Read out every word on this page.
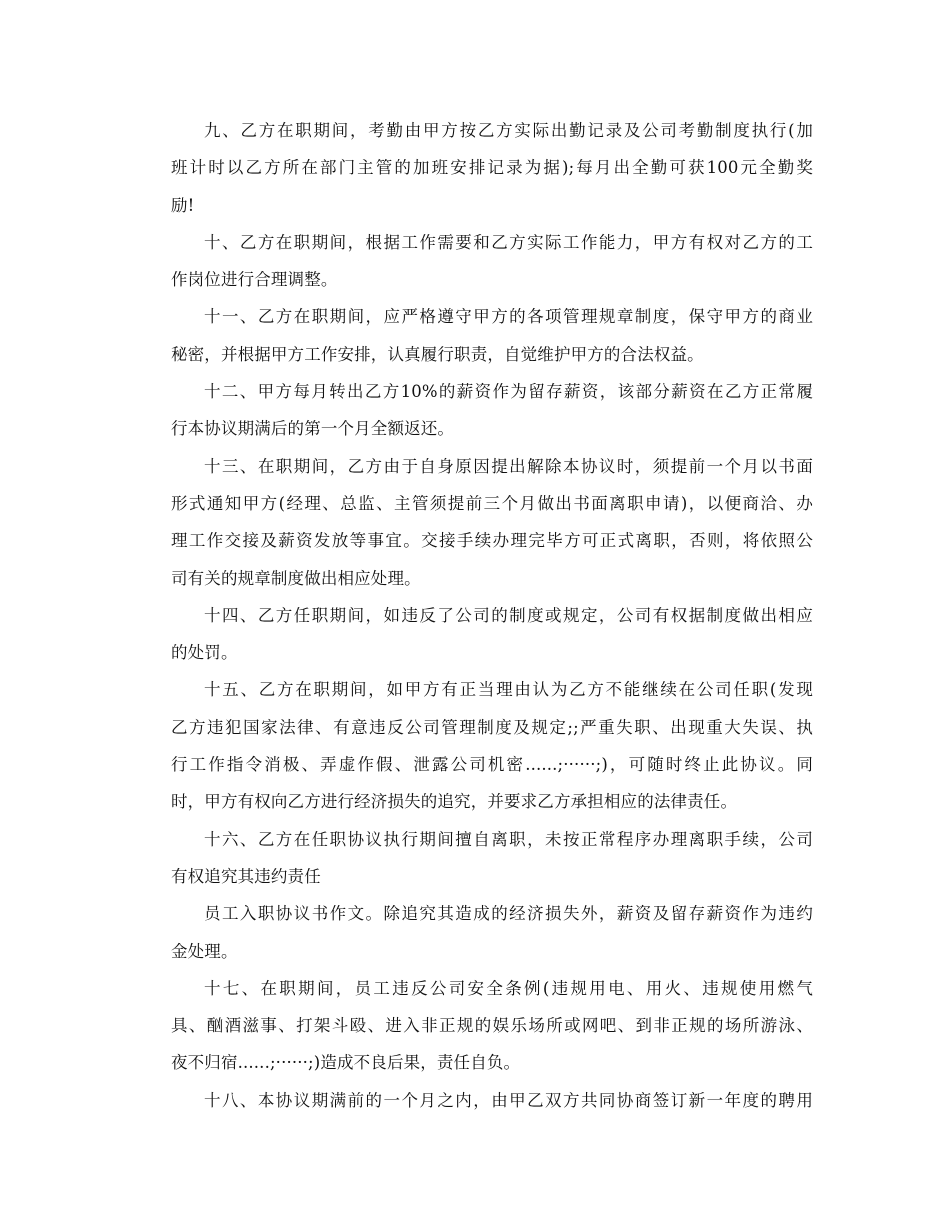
九、乙方在职期间，考勤由甲方按乙方实际出勤记录及公司考勤制度执行(加
班计时以乙方所在部门主管的加班安排记录为据);每月出全勤可获100元全勤奖
励!
十、乙方在职期间，根据工作需要和乙方实际工作能力，甲方有权对乙方的工
作岗位进行合理调整。
十一、乙方在职期间，应严格遵守甲方的各项管理规章制度，保守甲方的商业
秘密，并根据甲方工作安排，认真履行职责，自觉维护甲方的合法权益。
十二、甲方每月转出乙方10%的薪资作为留存薪资，该部分薪资在乙方正常履
行本协议期满后的第一个月全额返还。
十三、在职期间，乙方由于自身原因提出解除本协议时，须提前一个月以书面
形式通知甲方(经理、总监、主管须提前三个月做出书面离职申请)，以便商洽、办
理工作交接及薪资发放等事宜。交接手续办理完毕方可正式离职，否则，将依照公
司有关的规章制度做出相应处理。
十四、乙方任职期间，如违反了公司的制度或规定，公司有权据制度做出相应
的处罚。
十五、乙方在职期间，如甲方有正当理由认为乙方不能继续在公司任职(发现
乙方违犯国家法律、有意违反公司管理制度及规定;;严重失职、出现重大失误、执
行工作指令消极、弄虚作假、泄露公司机密......;······;)，可随时终止此协议。同
时，甲方有权向乙方进行经济损失的追究，并要求乙方承担相应的法律责任。
十六、乙方在任职协议执行期间擅自离职，未按正常程序办理离职手续，公司
有权追究其违约责任
员工入职协议书作文。除追究其造成的经济损失外，薪资及留存薪资作为违约
金处理。
十七、在职期间，员工违反公司安全条例(违规用电、用火、违规使用燃气
具、酗酒滋事、打架斗殴、进入非正规的娱乐场所或网吧、到非正规的场所游泳、
夜不归宿......;······;)造成不良后果，责任自负。
十八、本协议期满前的一个月之内，由甲乙双方共同协商签订新一年度的聘用
